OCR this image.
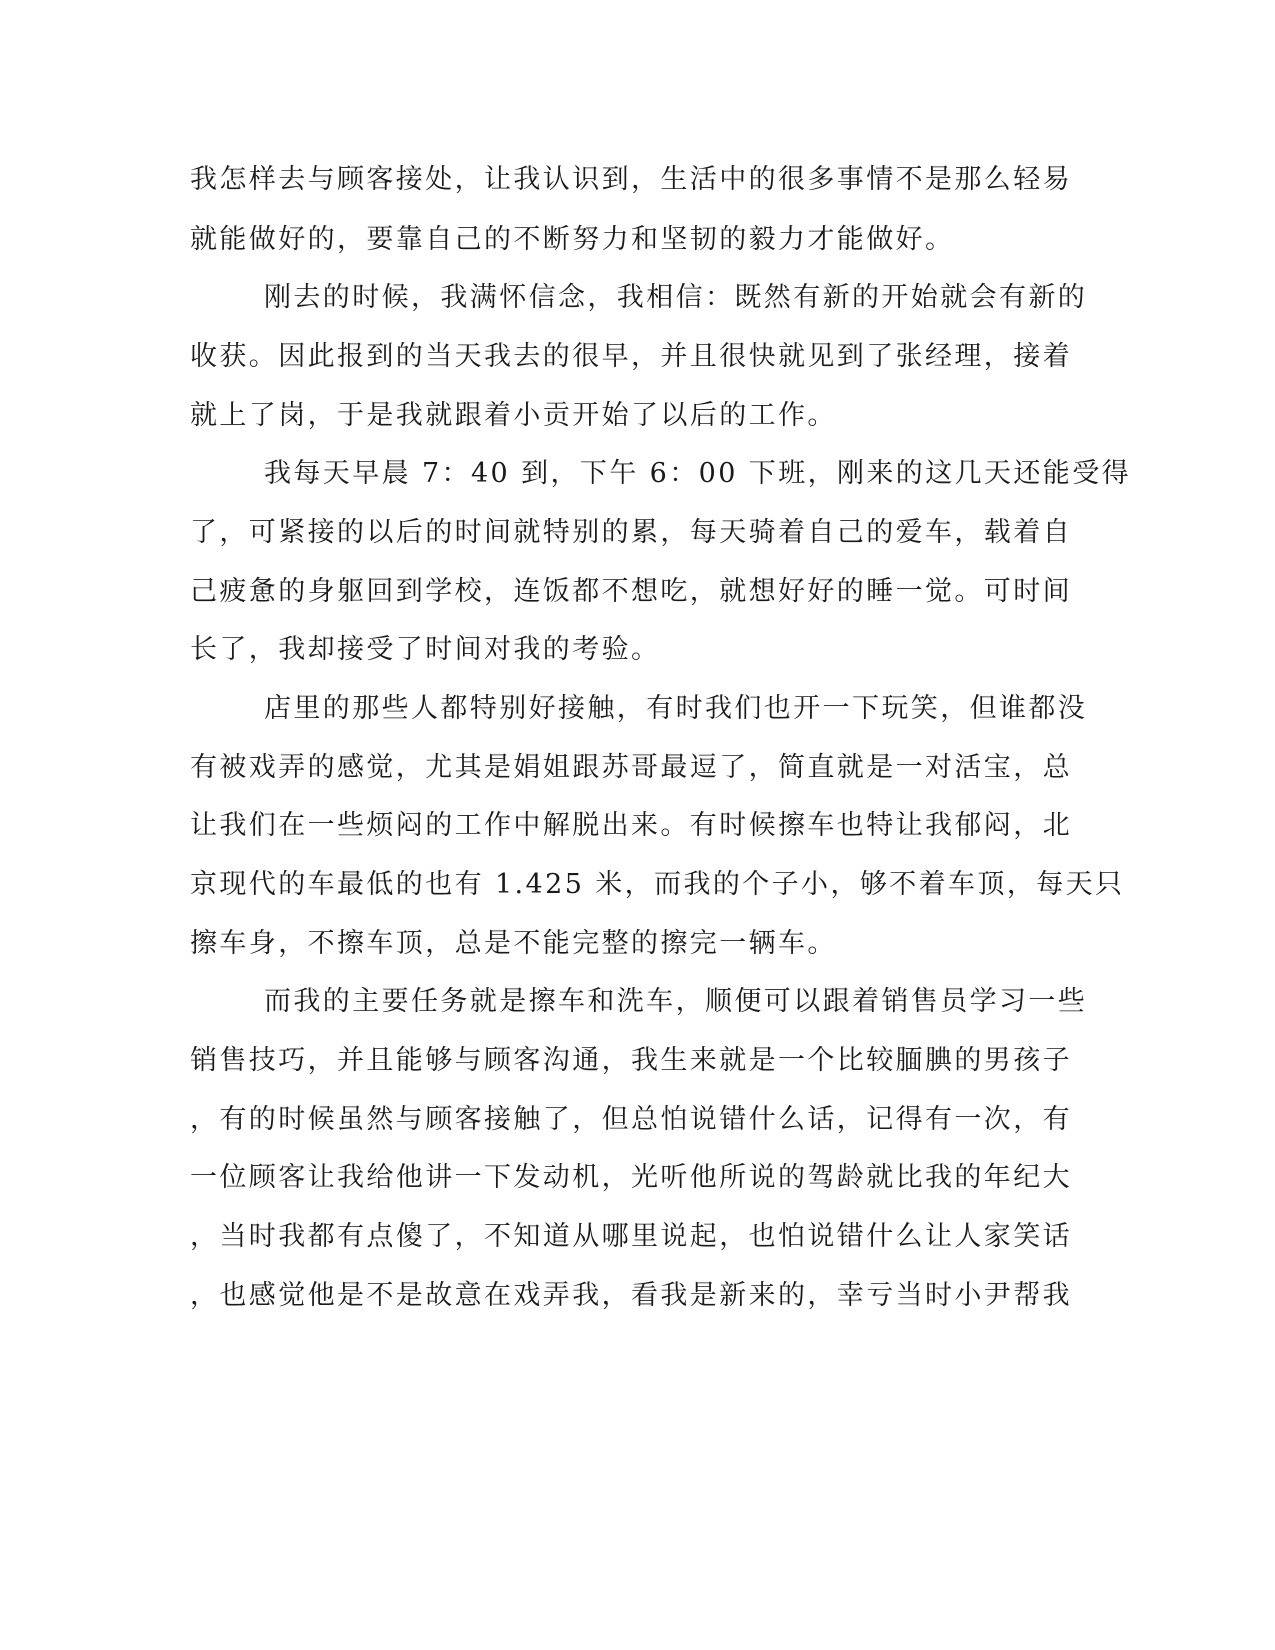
我怎样去与顾客接处，让我认识到，生活中的很多事情不是那么轻易
就能做好的，要靠自己的不断努力和坚韧的毅力才能做好。
刚去的时候，我满怀信念，我相信：既然有新的开始就会有新的
收获。因此报到的当天我去的很早，并且很快就见到了张经理，接着
就上了岗，于是我就跟着小贡开始了以后的工作。
我每天早晨 7：40 到，下午 6：00 下班，刚来的这几天还能受得
了，可紧接的以后的时间就特别的累，每天骑着自己的爱车，载着自
己疲惫的身躯回到学校，连饭都不想吃，就想好好的睡一觉。可时间
长了，我却接受了时间对我的考验。
店里的那些人都特别好接触，有时我们也开一下玩笑，但谁都没
有被戏弄的感觉，尤其是娟姐跟苏哥最逗了，简直就是一对活宝，总
让我们在一些烦闷的工作中解脱出来。有时候擦车也特让我郁闷，北
京现代的车最低的也有 1.425 米，而我的个子小，够不着车顶，每天只
擦车身，不擦车顶，总是不能完整的擦完一辆车。
而我的主要任务就是擦车和洗车，顺便可以跟着销售员学习一些
销售技巧，并且能够与顾客沟通，我生来就是一个比较腼腆的男孩子
，有的时候虽然与顾客接触了，但总怕说错什么话，记得有一次，有
一位顾客让我给他讲一下发动机，光听他所说的驾龄就比我的年纪大
，当时我都有点傻了，不知道从哪里说起，也怕说错什么让人家笑话
，也感觉他是不是故意在戏弄我，看我是新来的，幸亏当时小尹帮我
